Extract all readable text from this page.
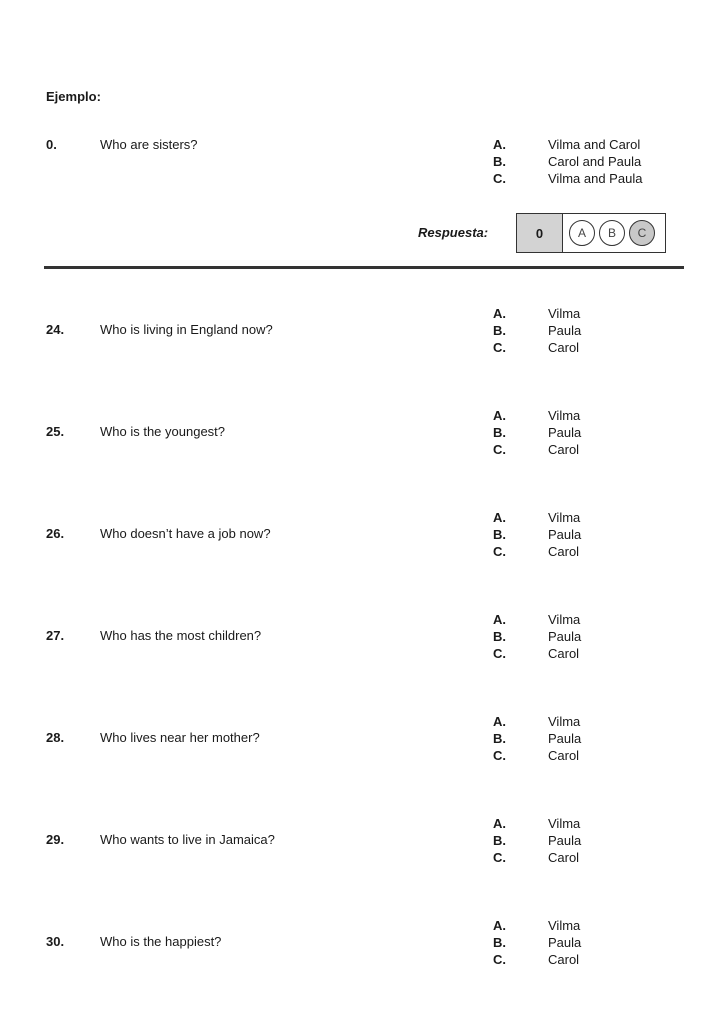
Ejemplo:
0.	Who are sisters?	A.	Vilma and Carol
B.	Carol and Paula
C.	Vilma and Paula
Respuesta:	0	A	B	C
24.	Who is living in England now?
A.	Vilma
B.	Paula
C.	Carol
25.	Who is the youngest?
A.	Vilma
B.	Paula
C.	Carol
26.	Who doesn’t have a job now?
A.	Vilma
B.	Paula
C.	Carol
27.	Who has the most children?
A.	Vilma
B.	Paula
C.	Carol
28.	Who lives near her mother?
A.	Vilma
B.	Paula
C.	Carol
29.	Who wants to live in Jamaica?
A.	Vilma
B.	Paula
C.	Carol
30.	Who is the happiest?
A.	Vilma
B.	Paula
C.	Carol
